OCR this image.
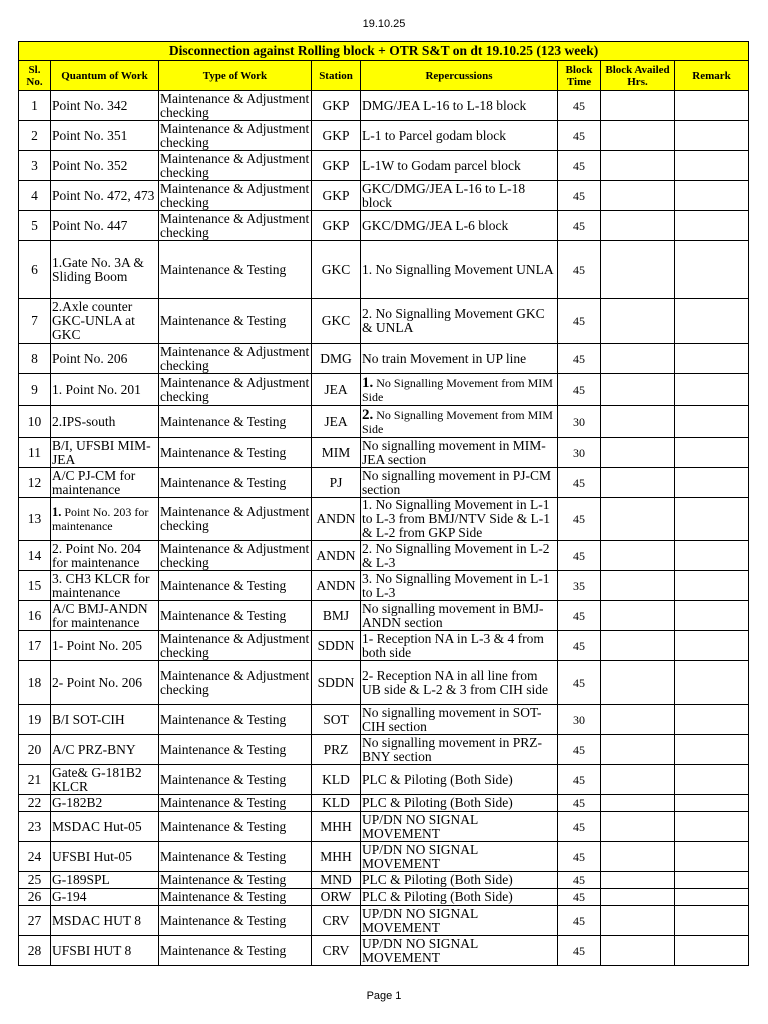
19.10.25
Disconnection against Rolling block + OTR S&T on dt 19.10.25 (123 week)							
Sl. No.	Quantum of Work	Type of Work	Station	Repercussions	Block Time	Block Availed Hrs.	Remark
1	Point No. 342	Maintenance & Adjustment checking	GKP	DMG/JEA L-16 to L-18 block	45		
2	Point No. 351	Maintenance & Adjustment checking	GKP	L-1 to Parcel godam block	45		
3	Point No. 352	Maintenance & Adjustment checking	GKP	L-1W to Godam parcel block	45		
4	Point No. 472, 473	Maintenance & Adjustment checking	GKP	GKC/DMG/JEA L-16 to L-18 block	45		
5	Point No. 447	Maintenance & Adjustment checking	GKP	GKC/DMG/JEA L-6 block	45		
6	1.Gate No. 3A & Sliding Boom	Maintenance & Testing	GKC	1. No Signalling Movement UNLA	45		
7	2.Axle counter GKC-UNLA at GKC	Maintenance & Testing	GKC	2. No Signalling Movement GKC & UNLA	45		
8	Point No. 206	Maintenance & Adjustment checking	DMG	No train Movement in UP line	45		
9	1. Point No. 201	Maintenance & Adjustment checking	JEA	1. No Signalling Movement from MIM Side	45		
10	2.IPS-south	Maintenance & Testing	JEA	2. No Signalling Movement from MIM Side	30		
11	B/I, UFSBI MIM-JEA	Maintenance & Testing	MIM	No signalling movement in MIM-JEA section	30		
12	A/C PJ-CM for maintenance	Maintenance & Testing	PJ	No signalling movement in PJ-CM section	45		
13	1. Point No. 203 for maintenance	Maintenance & Adjustment checking	ANDN	1. No Signalling Movement in L-1 to L-3 from BMJ/NTV Side & L-1 & L-2 from GKP Side	45		
14	2. Point No. 204 for maintenance	Maintenance & Adjustment checking	ANDN	2. No Signalling Movement in L-2 & L-3	45		
15	3. CH3 KLCR for maintenance	Maintenance & Testing	ANDN	3. No Signalling Movement in L-1 to L-3	35		
16	A/C BMJ-ANDN for maintenance	Maintenance & Testing	BMJ	No signalling movement in BMJ-ANDN section	45		
17	1- Point No. 205	Maintenance & Adjustment checking	SDDN	1- Reception NA in L-3 & 4 from both side	45		
18	2- Point No. 206	Maintenance & Adjustment checking	SDDN	2- Reception NA in all line from UB side & L-2 & 3 from CIH side	45		
19	B/I SOT-CIH	Maintenance & Testing	SOT	No signalling movement in SOT-CIH section	30		
20	A/C PRZ-BNY	Maintenance & Testing	PRZ	No signalling movement in PRZ-BNY section	45		
21	Gate& G-181B2 KLCR	Maintenance & Testing	KLD	PLC & Piloting (Both Side)	45		
22	G-182B2	Maintenance & Testing	KLD	PLC & Piloting (Both Side)	45		
23	MSDAC Hut-05	Maintenance & Testing	MHH	UP/DN NO SIGNAL MOVEMENT	45		
24	UFSBI Hut-05	Maintenance & Testing	MHH	UP/DN NO SIGNAL MOVEMENT	45		
25	G-189SPL	Maintenance & Testing	MND	PLC & Piloting (Both Side)	45		
26	G-194	Maintenance & Testing	ORW	PLC & Piloting (Both Side)	45		
27	MSDAC HUT 8	Maintenance & Testing	CRV	UP/DN NO SIGNAL MOVEMENT	45		
28	UFSBI HUT 8	Maintenance & Testing	CRV	UP/DN NO SIGNAL MOVEMENT	45		
Page 1
